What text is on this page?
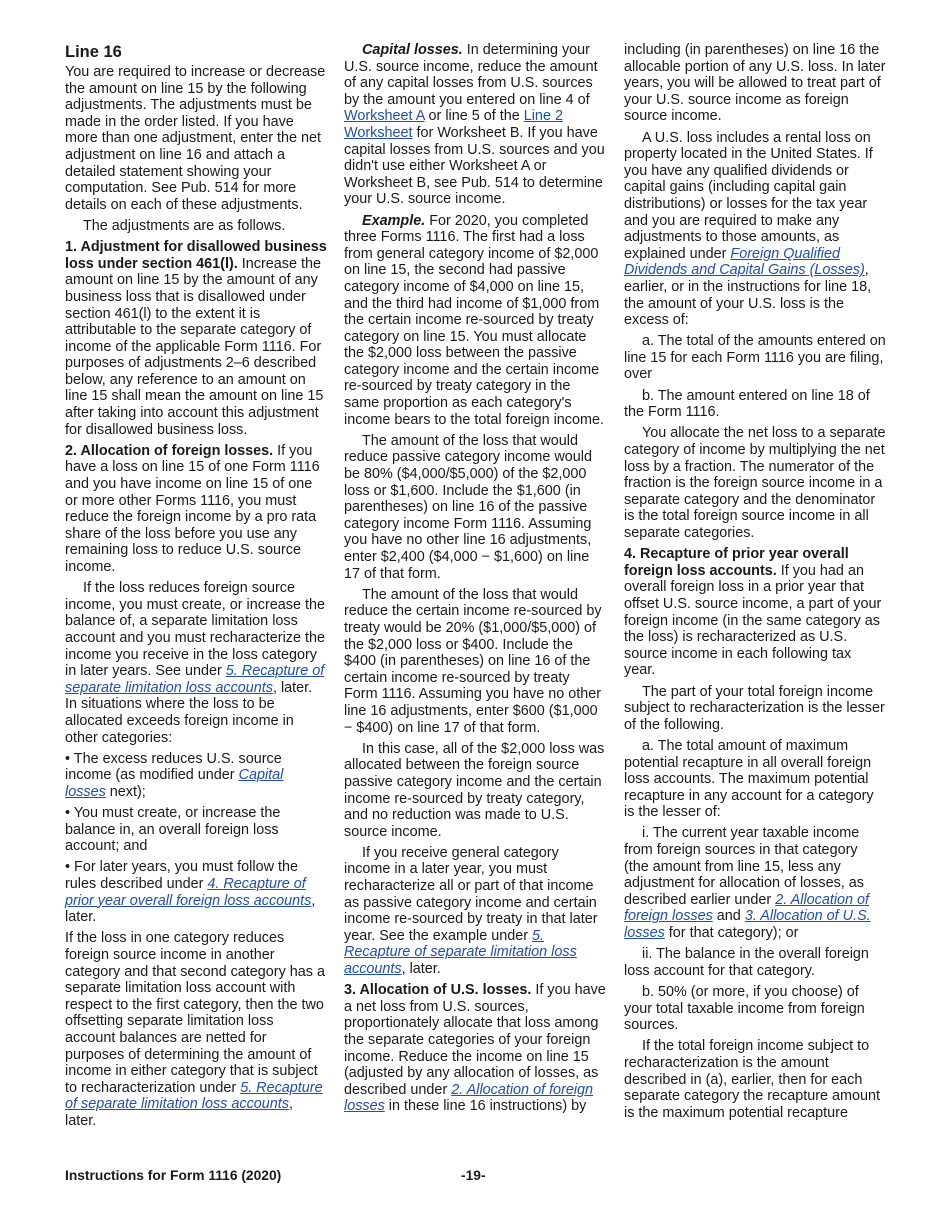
Line 16

You are required to increase or decrease the amount on line 15 by the following adjustments. The adjustments must be made in the order listed. If you have more than one adjustment, enter the net adjustment on line 16 and attach a detailed statement showing your computation. See Pub. 514 for more details on each of these adjustments.

The adjustments are as follows.

1. Adjustment for disallowed business loss under section 461(l). Increase the amount on line 15 by the amount of any business loss that is disallowed under section 461(l) to the extent it is attributable to the separate category of income of the applicable Form 1116. For purposes of adjustments 2–6 described below, any reference to an amount on line 15 shall mean the amount on line 15 after taking into account this adjustment for disallowed business loss.

2. Allocation of foreign losses. If you have a loss on line 15 of one Form 1116 and you have income on line 15 of one or more other Forms 1116, you must reduce the foreign income by a pro rata share of the loss before you use any remaining loss to reduce U.S. source income.

If the loss reduces foreign source income, you must create, or increase the balance of, a separate limitation loss account and you must recharacterize the income you receive in the loss category in later years. See under 5. Recapture of separate limitation loss accounts, later. In situations where the loss to be allocated exceeds foreign income in other categories:

• The excess reduces U.S. source income (as modified under Capital losses next);

• You must create, or increase the balance in, an overall foreign loss account; and

• For later years, you must follow the rules described under 4. Recapture of prior year overall foreign loss accounts, later.

If the loss in one category reduces foreign source income in another category and that second category has a separate limitation loss account with respect to the first category, then the two offsetting separate limitation loss account balances are netted for purposes of determining the amount of income in either category that is subject to recharacterization under 5. Recapture of separate limitation loss accounts, later.

Capital losses. In determining your U.S. source income, reduce the amount of any capital losses from U.S. sources by the amount you entered on line 4 of Worksheet A or line 5 of the Line 2 Worksheet for Worksheet B. If you have capital losses from U.S. sources and you didn't use either Worksheet A or Worksheet B, see Pub. 514 to determine your U.S. source income.

Example. For 2020, you completed three Forms 1116. The first had a loss from general category income of $2,000 on line 15, the second had passive category income of $4,000 on line 15, and the third had income of $1,000 from the certain income re-sourced by treaty category on line 15. You must allocate the $2,000 loss between the passive category income and the certain income re-sourced by treaty category in the same proportion as each category's income bears to the total foreign income.

The amount of the loss that would reduce passive category income would be 80% ($4,000/$5,000) of the $2,000 loss or $1,600. Include the $1,600 (in parentheses) on line 16 of the passive category income Form 1116. Assuming you have no other line 16 adjustments, enter $2,400 ($4,000 − $1,600) on line 17 of that form.

The amount of the loss that would reduce the certain income re-sourced by treaty would be 20% ($1,000/$5,000) of the $2,000 loss or $400. Include the $400 (in parentheses) on line 16 of the certain income re-sourced by treaty Form 1116. Assuming you have no other line 16 adjustments, enter $600 ($1,000 − $400) on line 17 of that form.

In this case, all of the $2,000 loss was allocated between the foreign source passive category income and the certain income re-sourced by treaty category, and no reduction was made to U.S. source income.

If you receive general category income in a later year, you must recharacterize all or part of that income as passive category income and certain income re-sourced by treaty in that later year. See the example under 5. Recapture of separate limitation loss accounts, later.

3. Allocation of U.S. losses. If you have a net loss from U.S. sources, proportionately allocate that loss among the separate categories of your foreign income. Reduce the income on line 15 (adjusted by any allocation of losses, as described under 2. Allocation of foreign losses in these line 16 instructions) by

including (in parentheses) on line 16 the allocable portion of any U.S. loss. In later years, you will be allowed to treat part of your U.S. source income as foreign source income.

A U.S. loss includes a rental loss on property located in the United States. If you have any qualified dividends or capital gains (including capital gain distributions) or losses for the tax year and you are required to make any adjustments to those amounts, as explained under Foreign Qualified Dividends and Capital Gains (Losses), earlier, or in the instructions for line 18, the amount of your U.S. loss is the excess of:

a. The total of the amounts entered on line 15 for each Form 1116 you are filing, over

b. The amount entered on line 18 of the Form 1116.

You allocate the net loss to a separate category of income by multiplying the net loss by a fraction. The numerator of the fraction is the foreign source income in a separate category and the denominator is the total foreign source income in all separate categories.

4. Recapture of prior year overall foreign loss accounts. If you had an overall foreign loss in a prior year that offset U.S. source income, a part of your foreign income (in the same category as the loss) is recharacterized as U.S. source income in each following tax year.

The part of your total foreign income subject to recharacterization is the lesser of the following.

a. The total amount of maximum potential recapture in all overall foreign loss accounts. The maximum potential recapture in any account for a category is the lesser of:

i. The current year taxable income from foreign sources in that category (the amount from line 15, less any adjustment for allocation of losses, as described earlier under 2. Allocation of foreign losses and 3. Allocation of U.S. losses for that category); or

ii. The balance in the overall foreign loss account for that category.

b. 50% (or more, if you choose) of your total taxable income from foreign sources.

If the total foreign income subject to recharacterization is the amount described in (a), earlier, then for each separate category the recapture amount is the maximum potential recapture

Instructions for Form 1116 (2020)	-19-
